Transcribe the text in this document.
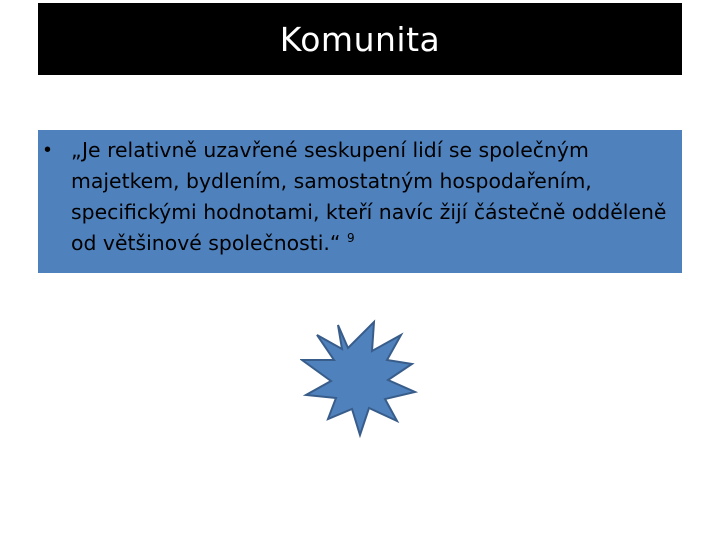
Komunita
• „Je relativně uzavřené seskupení lidí se společným majetkem, bydlením, samostatným hospodařením, specifickými hodnotami, kteří navíc žijí částečně odděleně od většinové společnosti.“ $^9$
